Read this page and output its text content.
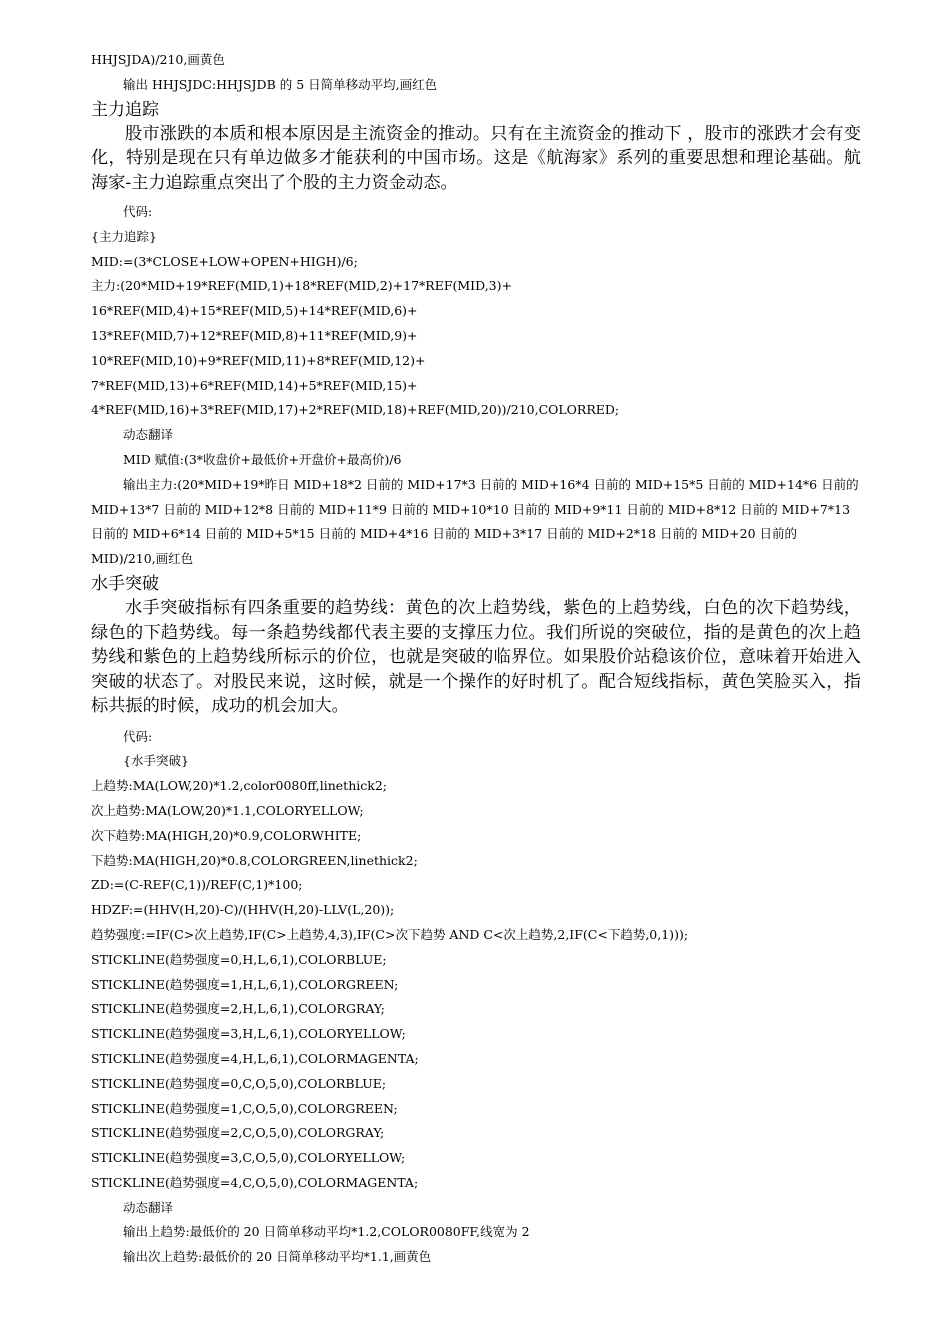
HHJSJDA)/210,画黄色
输出 HHJSJDC:HHJSJDB 的 5 日简单移动平均,画红色
主力追踪

股市涨跌的本质和根本原因是主流资金的推动。只有在主流资金的推动下 ，股市的涨跌才会有变化，特别是现在只有单边做多才能获利的中国市场。这是《航海家》系列的重要思想和理论基础。航海家-主力追踪重点突出了个股的主力资金动态。

代码:
{主力追踪}
MID:=(3*CLOSE+LOW+OPEN+HIGH)/6;
主力:(20*MID+19*REF(MID,1)+18*REF(MID,2)+17*REF(MID,3)+
16*REF(MID,4)+15*REF(MID,5)+14*REF(MID,6)+
13*REF(MID,7)+12*REF(MID,8)+11*REF(MID,9)+
10*REF(MID,10)+9*REF(MID,11)+8*REF(MID,12)+
7*REF(MID,13)+6*REF(MID,14)+5*REF(MID,15)+
4*REF(MID,16)+3*REF(MID,17)+2*REF(MID,18)+REF(MID,20))/210,COLORRED;
动态翻译
MID 赋值:(3*收盘价+最低价+开盘价+最高价)/6

输出主力:(20*MID+19*昨日 MID+18*2 日前的 MID+17*3 日前的 MID+16*4 日前的 MID+15*5 日前的 MID+14*6 日前的 MID+13*7 日前的 MID+12*8 日前的 MID+11*9 日前的 MID+10*10 日前的 MID+9*11 日前的 MID+8*12 日前的 MID+7*13 日前的 MID+6*14 日前的 MID+5*15 日前的 MID+4*16 日前的 MID+3*17 日前的 MID+2*18 日前的 MID+20 日前的 MID)/210,画红色

水手突破

水手突破指标有四条重要的趋势线：黄色的次上趋势线，紫色的上趋势线，白色的次下趋势线，绿色的下趋势线。每一条趋势线都代表主要的支撑压力位。我们所说的突破位，指的是黄色的次上趋势线和紫色的上趋势线所标示的价位，也就是突破的临界位。如果股价站稳该价位，意味着开始进入突破的状态了。对股民来说，这时候，就是一个操作的好时机了。配合短线指标，黄色笑脸买入，指标共振的时候，成功的机会加大。

代码:
{水手突破}
上趋势:MA(LOW,20)*1.2,color0080ff,linethick2;
次上趋势:MA(LOW,20)*1.1,COLORYELLOW;
次下趋势:MA(HIGH,20)*0.9,COLORWHITE;
下趋势:MA(HIGH,20)*0.8,COLORGREEN,linethick2;
ZD:=(C-REF(C,1))/REF(C,1)*100;
HDZF:=(HHV(H,20)-C)/(HHV(H,20)-LLV(L,20));
趋势强度:=IF(C>次上趋势,IF(C>上趋势,4,3),IF(C>次下趋势 AND C<次上趋势,2,IF(C<下趋势,0,1)));
STICKLINE(趋势强度=0,H,L,6,1),COLORBLUE;
STICKLINE(趋势强度=1,H,L,6,1),COLORGREEN;
STICKLINE(趋势强度=2,H,L,6,1),COLORGRAY;
STICKLINE(趋势强度=3,H,L,6,1),COLORYELLOW;
STICKLINE(趋势强度=4,H,L,6,1),COLORMAGENTA;
STICKLINE(趋势强度=0,C,O,5,0),COLORBLUE;
STICKLINE(趋势强度=1,C,O,5,0),COLORGREEN;
STICKLINE(趋势强度=2,C,O,5,0),COLORGRAY;
STICKLINE(趋势强度=3,C,O,5,0),COLORYELLOW;
STICKLINE(趋势强度=4,C,O,5,0),COLORMAGENTA;
动态翻译
输出上趋势:最低价的 20 日简单移动平均*1.2,COLOR0080FF,线宽为 2
输出次上趋势:最低价的 20 日简单移动平均*1.1,画黄色
